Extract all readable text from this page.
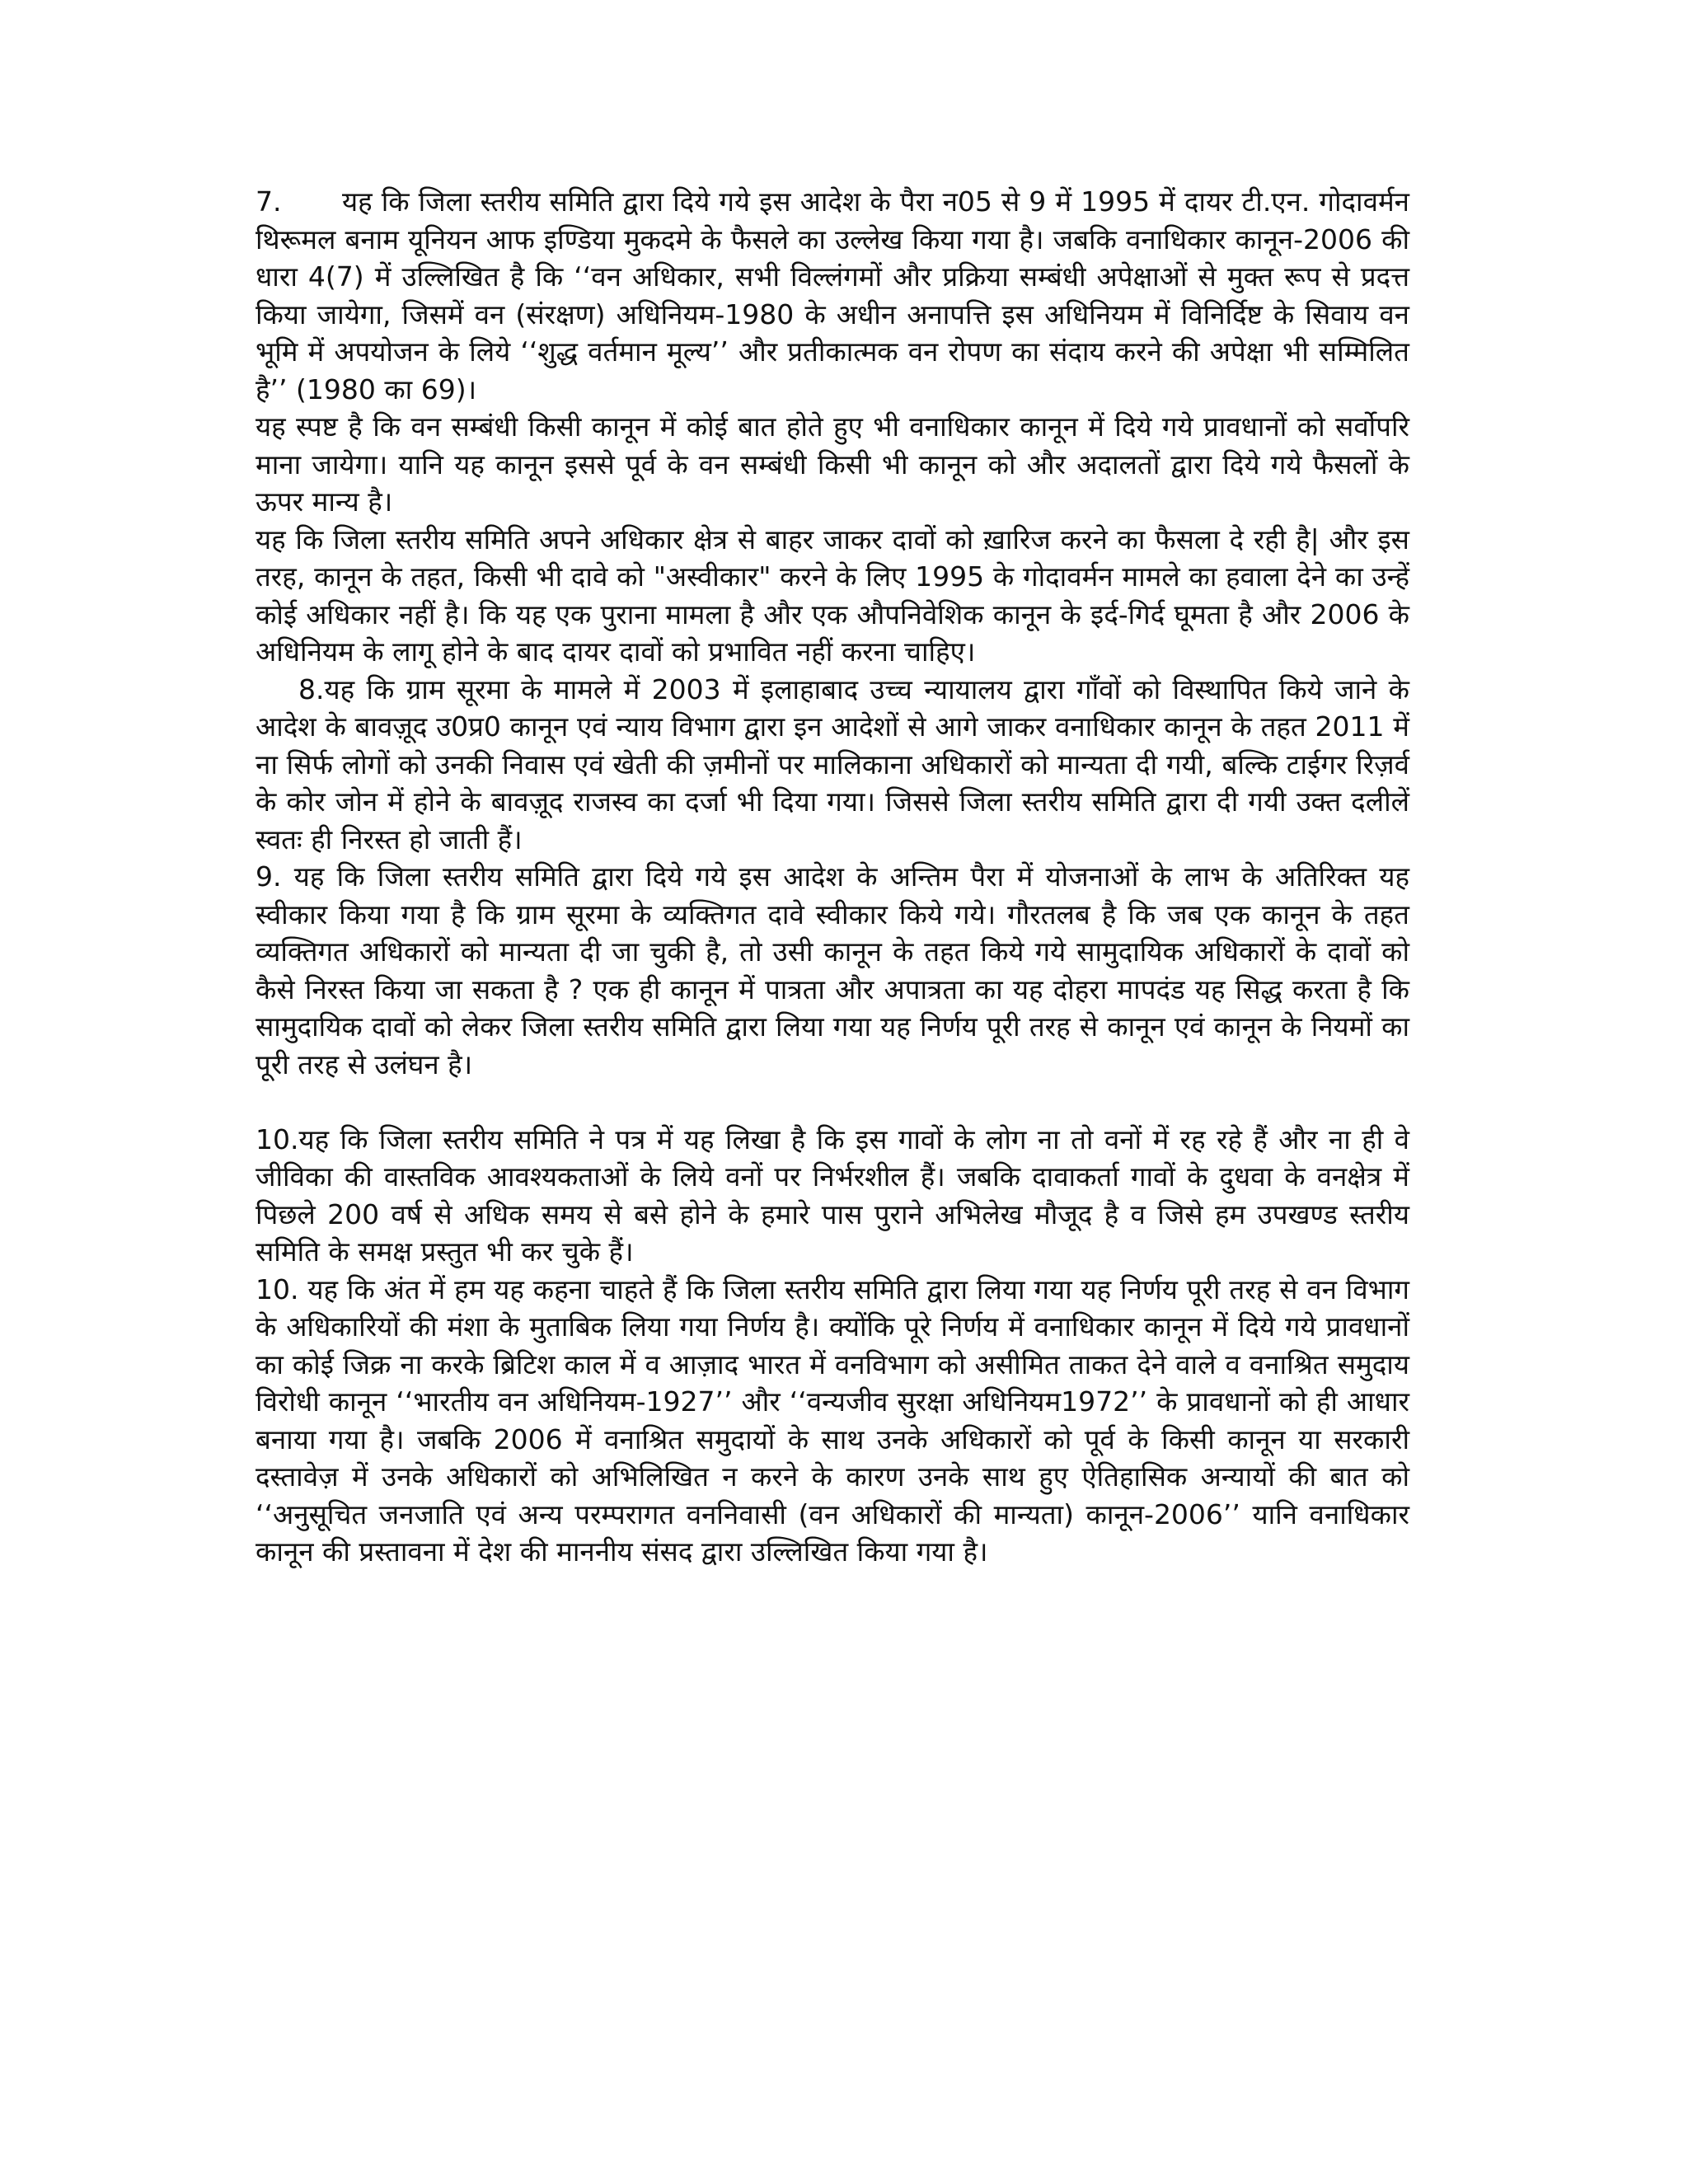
7. यह कि जिला स्तरीय समिति द्वारा दिये गये इस आदेश के पैरा न05 से 9 में 1995 में दायर टी.एन. गोदावर्मन थिरूमल बनाम यूनियन आफ इण्डिया मुकदमे के फैसले का उल्लेख किया गया है। जबकि वनाधिकार कानून-2006 की धारा 4(7) में उल्लिखित है कि ‘‘वन अधिकार, सभी विल्लंगमों और प्रक्रिया सम्बंधी अपेक्षाओं से मुक्त रूप से प्रदत्त किया जायेगा, जिसमें वन (संरक्षण) अधिनियम-1980 के अधीन अनापत्ति इस अधिनियम में विनिर्दिष्ट के सिवाय वन भूमि में अपयोजन के लिये ‘‘शुद्ध वर्तमान मूल्य’’ और प्रतीकात्मक वन रोपण का संदाय करने की अपेक्षा भी सम्मिलित है’’ (1980 का 69)।

यह स्पष्ट है कि वन सम्बंधी किसी कानून में कोई बात होते हुए भी वनाधिकार कानून में दिये गये प्रावधानों को सर्वोपरि माना जायेगा। यानि यह कानून इससे पूर्व के वन सम्बंधी किसी भी कानून को और अदालतों द्वारा दिये गये फैसलों के ऊपर मान्य है।

यह कि जिला स्तरीय समिति अपने अधिकार क्षेत्र से बाहर जाकर दावों को ख़ारिज करने का फैसला दे रही है| और इस तरह, कानून के तहत, किसी भी दावे को "अस्वीकार" करने के लिए 1995 के गोदावर्मन मामले का हवाला देने का उन्हें कोई अधिकार नहीं है। कि यह एक पुराना मामला है और एक औपनिवेशिक कानून के इर्द-गिर्द घूमता है और 2006 के अधिनियम के लागू होने के बाद दायर दावों को प्रभावित नहीं करना चाहिए।

8.यह कि ग्राम सूरमा के मामले में 2003 में इलाहाबाद उच्च न्यायालय द्वारा गाँवों को विस्थापित किये जाने के आदेश के बावज़ूद उ0प्र0 कानून एवं न्याय विभाग द्वारा इन आदेशों से आगे जाकर वनाधिकार कानून के तहत 2011 में ना सिर्फ लोगों को उनकी निवास एवं खेती की ज़मीनों पर मालिकाना अधिकारों को मान्यता दी गयी, बल्कि टाईगर रिज़र्व के कोर जोन में होने के बावज़ूद राजस्व का दर्जा भी दिया गया। जिससे जिला स्तरीय समिति द्वारा दी गयी उक्त दलीलें स्वतः ही निरस्त हो जाती हैं।

9. यह कि जिला स्तरीय समिति द्वारा दिये गये इस आदेश के अन्तिम पैरा में योजनाओं के लाभ के अतिरिक्त यह स्वीकार किया गया है कि ग्राम सूरमा के व्यक्तिगत दावे स्वीकार किये गये। गौरतलब है कि जब एक कानून के तहत व्यक्तिगत अधिकारों को मान्यता दी जा चुकी है, तो उसी कानून के तहत किये गये सामुदायिक अधिकारों के दावों को कैसे निरस्त किया जा सकता है ? एक ही कानून में पात्रता और अपात्रता का यह दोहरा मापदंड यह सिद्ध करता है कि सामुदायिक दावों को लेकर जिला स्तरीय समिति द्वारा लिया गया यह निर्णय पूरी तरह से कानून एवं कानून के नियमों का पूरी तरह से उलंघन है।

10.यह कि जिला स्तरीय समिति ने पत्र में यह लिखा है कि इस गावों के लोग ना तो वनों में रह रहे हैं और ना ही वे जीविका की वास्तविक आवश्यकताओं के लिये वनों पर निर्भरशील हैं। जबकि दावाकर्ता गावों के दुधवा के वनक्षेत्र में पिछले 200 वर्ष से अधिक समय से बसे होने के हमारे पास पुराने अभिलेख मौजूद है व जिसे हम उपखण्ड स्तरीय समिति के समक्ष प्रस्तुत भी कर चुके हैं।

10. यह कि अंत में हम यह कहना चाहते हैं कि जिला स्तरीय समिति द्वारा लिया गया यह निर्णय पूरी तरह से वन विभाग के अधिकारियों की मंशा के मुताबिक लिया गया निर्णय है। क्योंकि पूरे निर्णय में वनाधिकार कानून में दिये गये प्रावधानों का कोई जिक्र ना करके ब्रिटिश काल में व आज़ाद भारत में वनविभाग को असीमित ताकत देने वाले व वनाश्रित समुदाय विरोधी कानून ‘‘भारतीय वन अधिनियम-1927’’ और ‘‘वन्यजीव सुरक्षा अधिनियम1972’’ के प्रावधानों को ही आधार बनाया गया है। जबकि 2006 में वनाश्रित समुदायों के साथ उनके अधिकारों को पूर्व के किसी कानून या सरकारी दस्तावेज़ में उनके अधिकारों को अभिलिखित न करने के कारण उनके साथ हुए ऐतिहासिक अन्यायों की बात को ‘‘अनुसूचित जनजाति एवं अन्य परम्परागत वननिवासी (वन अधिकारों की मान्यता) कानून-2006’’ यानि वनाधिकार कानून की प्रस्तावना में देश की माननीय संसद द्वारा उल्लिखित किया गया है।
